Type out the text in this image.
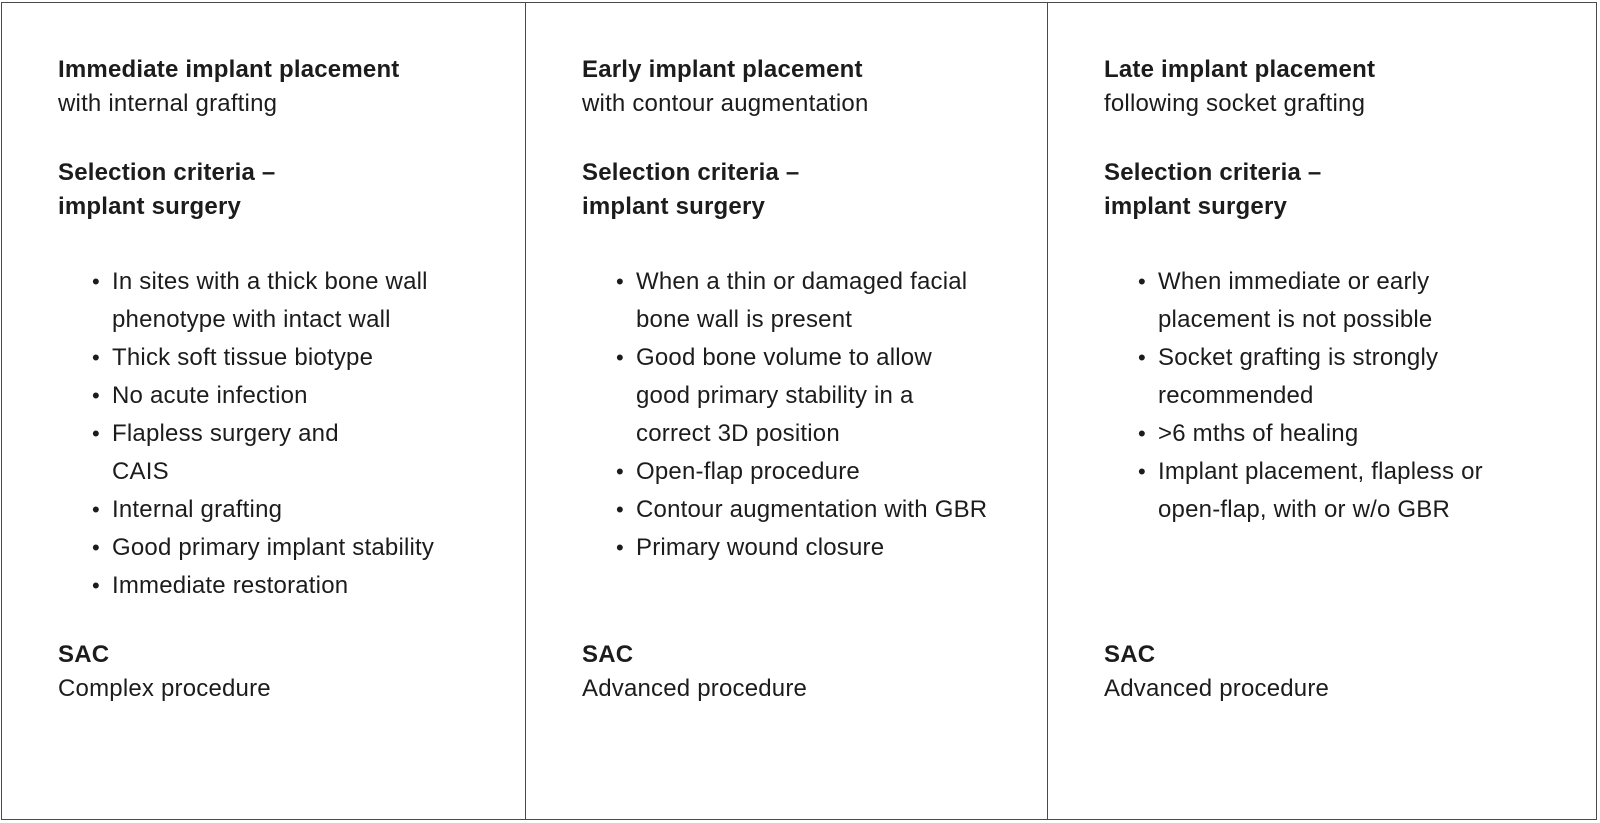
Immediate implant placement

with internal grafting

Selection criteria –

implant surgery

• In sites with a thick bone wall phenotype with intact wall
• Thick soft tissue biotype
• No acute infection
• Flapless surgery and CAIS
• Internal grafting
• Good primary implant stability
• Immediate restoration

SAC

Complex procedure

Early implant placement

with contour augmentation

Selection criteria –

implant surgery

• When a thin or damaged facial bone wall is present
• Good bone volume to allow good primary stability in a correct 3D position
• Open-flap procedure
• Contour augmentation with GBR
• Primary wound closure

SAC

Advanced procedure

Late implant placement

following socket grafting

Selection criteria –

implant surgery

• When immediate or early placement is not possible
• Socket grafting is strongly recommended
• >6 mths of healing
• Implant placement, flapless or open-flap, with or w/o GBR

SAC

Advanced procedure
